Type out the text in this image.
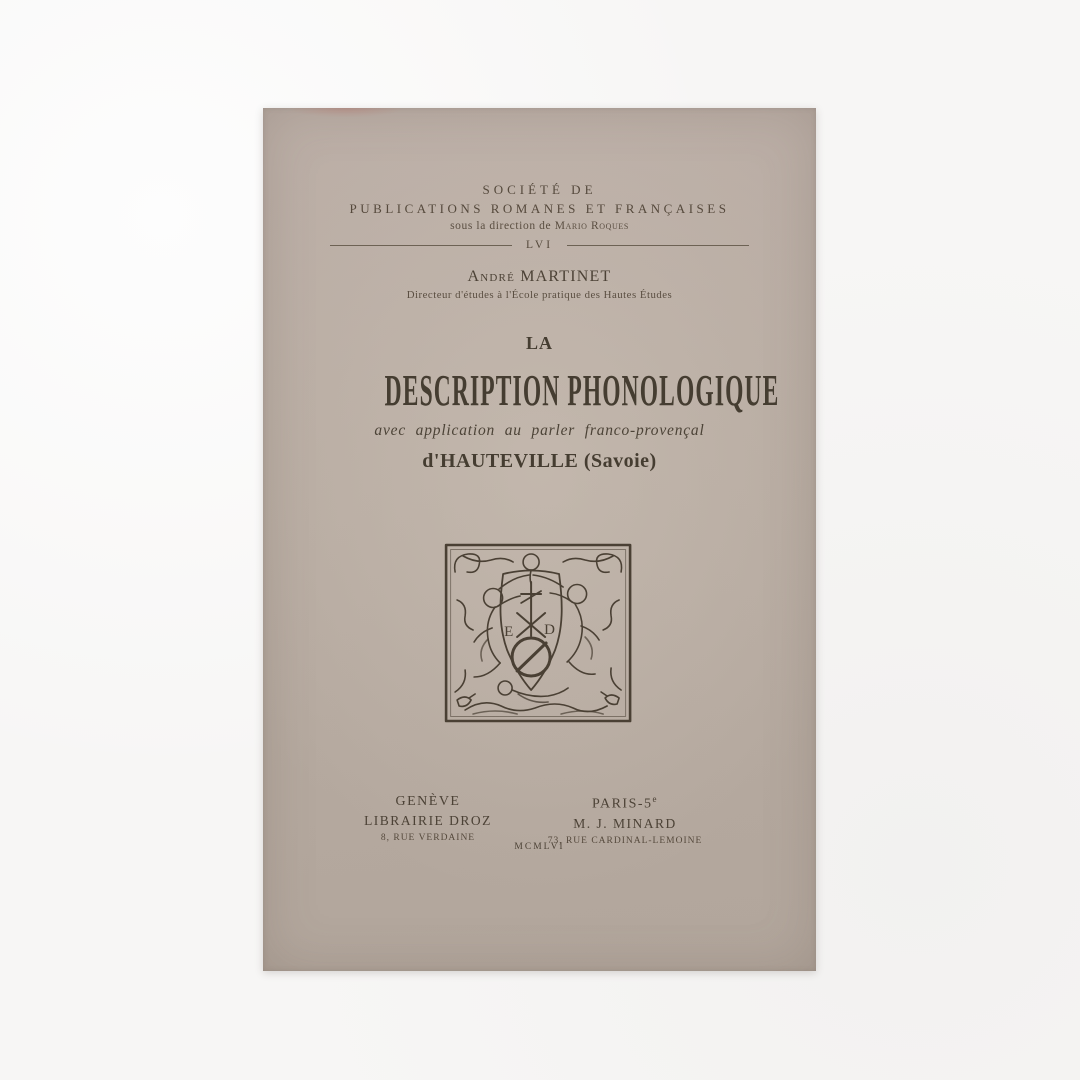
SOCIÉTÉ DE
PUBLICATIONS ROMANES ET FRANÇAISES
sous la direction de Mario Roques
LVI
André MARTINET
Directeur d'études à l'École pratique des Hautes Études
LA
DESCRIPTION PHONOLOGIQUE
avec application au parler franco-provençal
d'HAUTEVILLE (Savoie)
E D
GENÈVE
LIBRAIRIE DROZ
8, RUE VERDAINE
PARIS-5e
M. J. MINARD
73, RUE CARDINAL-LEMOINE
MCMLVI
